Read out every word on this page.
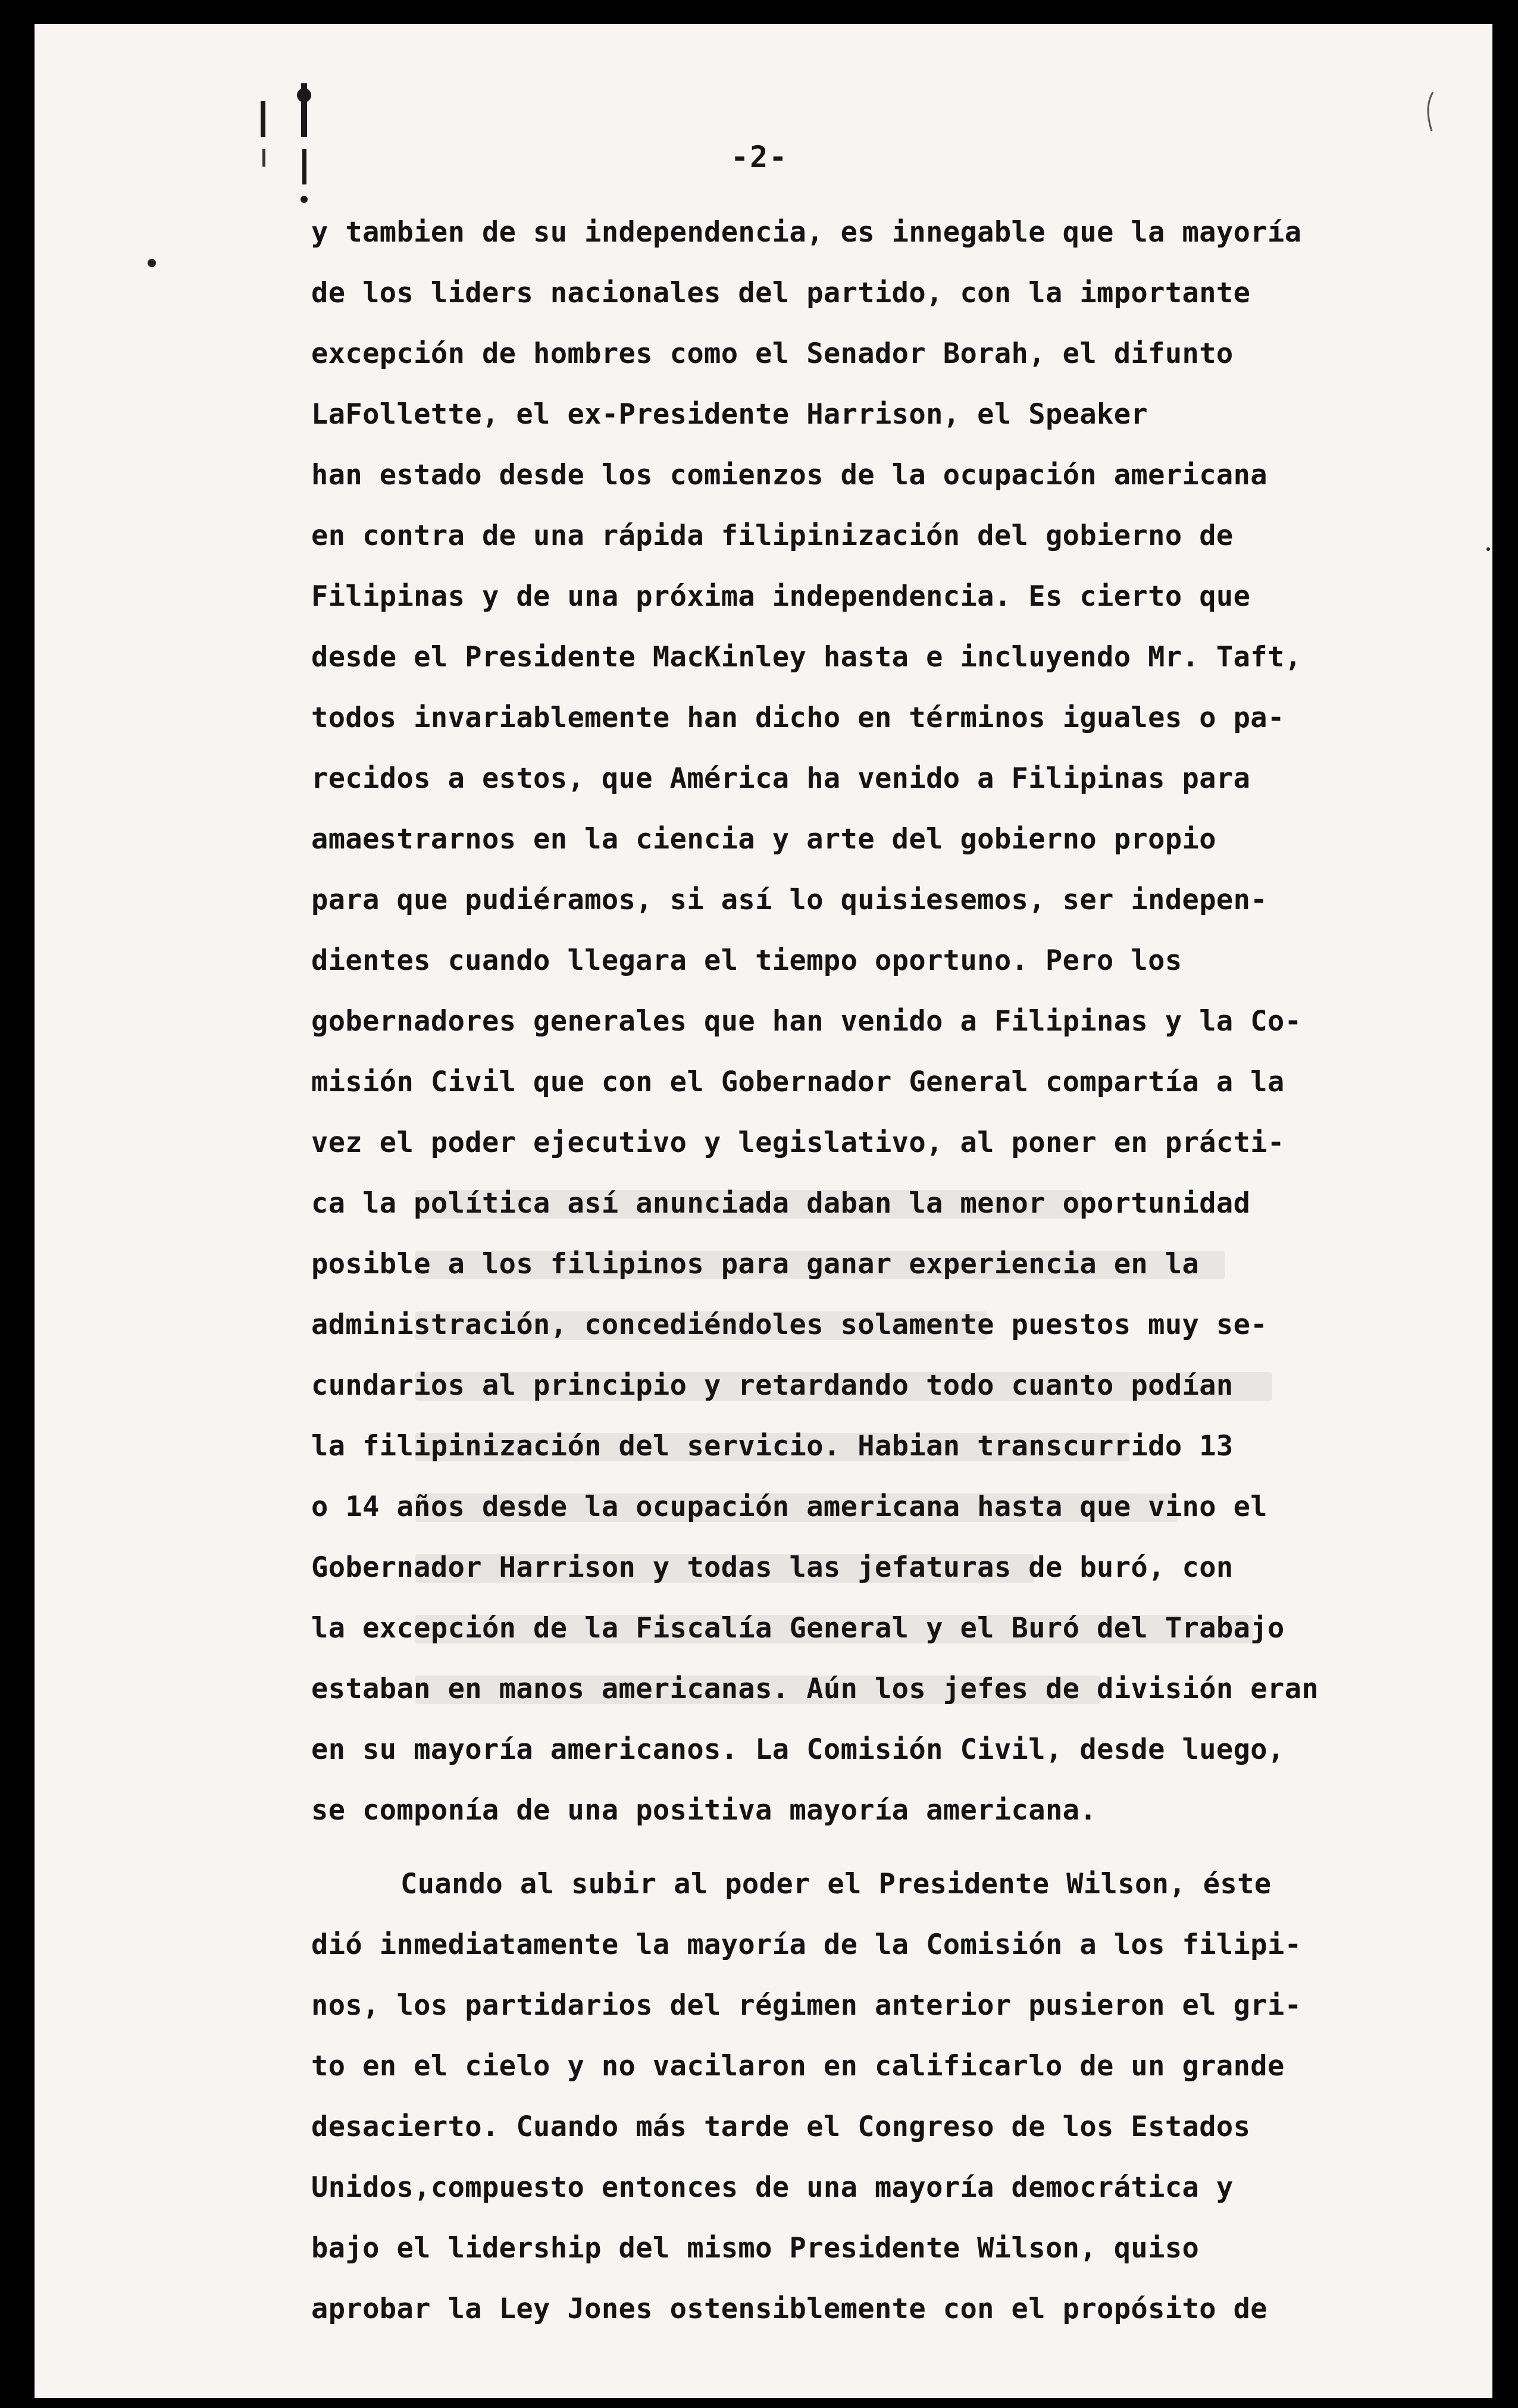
-2-
y tambien de su independencia, es innegable que la mayoría
de los liders nacionales del partido, con la importante
excepción de hombres como el Senador Borah, el difunto
LaFollette, el ex-Presidente Harrison, el Speaker
han estado desde los comienzos de la ocupación americana
en contra de una rápida filipinización del gobierno de
Filipinas y de una próxima independencia. Es cierto que
desde el Presidente MacKinley hasta e incluyendo Mr. Taft,
todos invariablemente han dicho en términos iguales o pa-
recidos a estos, que América ha venido a Filipinas para
amaestrarnos en la ciencia y arte del gobierno propio
para que pudiéramos, si así lo quisiesemos, ser indepen-
dientes cuando llegara el tiempo oportuno. Pero los
gobernadores generales que han venido a Filipinas y la Co-
misión Civil que con el Gobernador General compartía a la
vez el poder ejecutivo y legislativo, al poner en prácti-
ca la política así anunciada daban la menor oportunidad
posible a los filipinos para ganar experiencia en la
administración, concediéndoles solamente puestos muy se-
cundarios al principio y retardando todo cuanto podían
la filipinización del servicio. Habian transcurrido 13
o 14 años desde la ocupación americana hasta que vino el
Gobernador Harrison y todas las jefaturas de buró, con
la excepción de la Fiscalía General y el Buró del Trabajo
estaban en manos americanas. Aún los jefes de división eran
en su mayoría americanos. La Comisión Civil, desde luego,
se componía de una positiva mayoría americana.
Cuando al subir al poder el Presidente Wilson, éste
dió inmediatamente la mayoría de la Comisión a los filipi-
nos, los partidarios del régimen anterior pusieron el gri-
to en el cielo y no vacilaron en calificarlo de un grande
desacierto. Cuando más tarde el Congreso de los Estados
Unidos,compuesto entonces de una mayoría democrática y
bajo el lidership del mismo Presidente Wilson, quiso
aprobar la Ley Jones ostensiblemente con el propósito de
